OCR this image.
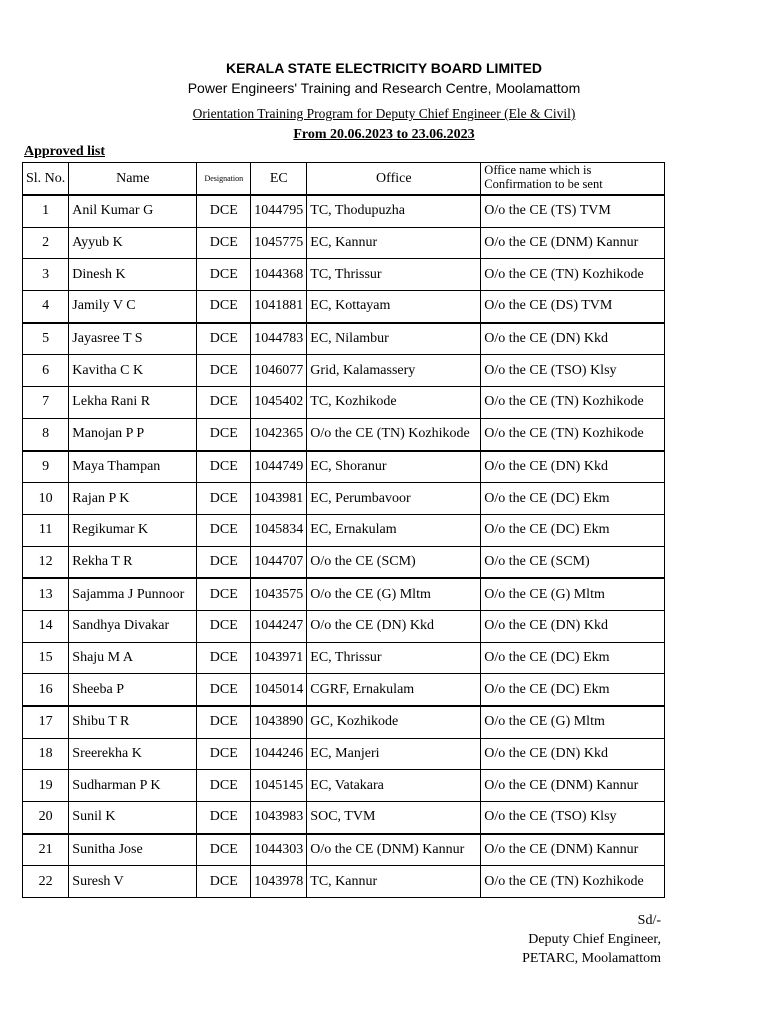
KERALA STATE ELECTRICITY BOARD LIMITED
Power Engineers' Training and Research Centre, Moolamattom
Orientation Training Program for Deputy Chief Engineer (Ele & Civil)
From 20.06.2023 to 23.06.2023
Approved list
Sl. No.	Name	Designation	EC	Office	Office name which is Confirmation to be sent
1	Anil Kumar G	DCE	1044795	TC, Thodupuzha	O/o the CE (TS) TVM
2	Ayyub K	DCE	1045775	EC, Kannur	O/o the CE (DNM) Kannur
3	Dinesh K	DCE	1044368	TC, Thrissur	O/o the CE (TN) Kozhikode
4	Jamily V C	DCE	1041881	EC, Kottayam	O/o the CE (DS) TVM
5	Jayasree T S	DCE	1044783	EC, Nilambur	O/o the CE (DN) Kkd
6	Kavitha C K	DCE	1046077	Grid, Kalamassery	O/o the CE (TSO) Klsy
7	Lekha Rani R	DCE	1045402	TC, Kozhikode	O/o the CE (TN) Kozhikode
8	Manojan P P	DCE	1042365	O/o the CE (TN) Kozhikode	O/o the CE (TN) Kozhikode
9	Maya Thampan	DCE	1044749	EC, Shoranur	O/o the CE (DN) Kkd
10	Rajan P K	DCE	1043981	EC, Perumbavoor	O/o the CE (DC) Ekm
11	Regikumar K	DCE	1045834	EC, Ernakulam	O/o the CE (DC) Ekm
12	Rekha T R	DCE	1044707	O/o the CE (SCM)	O/o the CE (SCM)
13	Sajamma J Punnoor	DCE	1043575	O/o the CE (G) Mltm	O/o the CE (G) Mltm
14	Sandhya Divakar	DCE	1044247	O/o the CE (DN) Kkd	O/o the CE (DN) Kkd
15	Shaju M A	DCE	1043971	EC, Thrissur	O/o the CE (DC) Ekm
16	Sheeba P	DCE	1045014	CGRF, Ernakulam	O/o the CE (DC) Ekm
17	Shibu T R	DCE	1043890	GC, Kozhikode	O/o the CE (G) Mltm
18	Sreerekha K	DCE	1044246	EC, Manjeri	O/o the CE (DN) Kkd
19	Sudharman P K	DCE	1045145	EC, Vatakara	O/o the CE (DNM) Kannur
20	Sunil K	DCE	1043983	SOC, TVM	O/o the CE (TSO) Klsy
21	Sunitha Jose	DCE	1044303	O/o the CE (DNM) Kannur	O/o the CE (DNM) Kannur
22	Suresh V	DCE	1043978	TC, Kannur	O/o the CE (TN) Kozhikode
Sd/-
Deputy Chief Engineer,
PETARC, Moolamattom
